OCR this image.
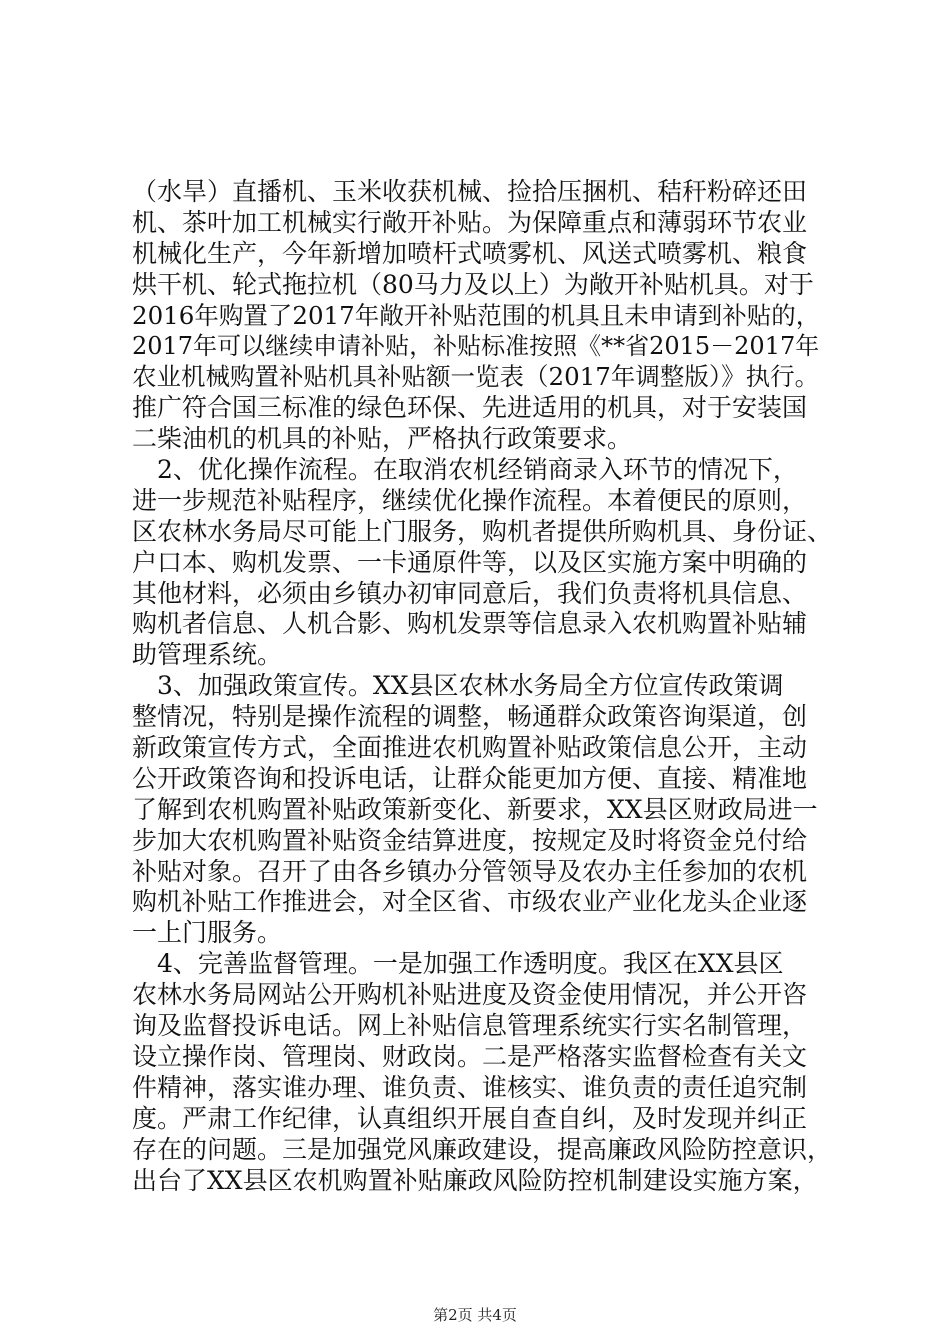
（水旱）直播机、玉米收获机械、捡拾压捆机、秸秆粉碎还田
机、茶叶加工机械实行敞开补贴。为保障重点和薄弱环节农业
机械化生产，今年新增加喷杆式喷雾机、风送式喷雾机、粮食
烘干机、轮式拖拉机（80马力及以上）为敞开补贴机具。对于
2016年购置了2017年敞开补贴范围的机具且未申请到补贴的，
2017年可以继续申请补贴，补贴标准按照《**省2015－2017年
农业机械购置补贴机具补贴额一览表（2017年调整版）》执行。
推广符合国三标准的绿色环保、先进适用的机具，对于安装国
二柴油机的机具的补贴，严格执行政策要求。
　2、优化操作流程。在取消农机经销商录入环节的情况下，
进一步规范补贴程序，继续优化操作流程。本着便民的原则，
区农林水务局尽可能上门服务，购机者提供所购机具、身份证、
户口本、购机发票、一卡通原件等，以及区实施方案中明确的
其他材料，必须由乡镇办初审同意后，我们负责将机具信息、
购机者信息、人机合影、购机发票等信息录入农机购置补贴辅
助管理系统。
　3、加强政策宣传。XX县区农林水务局全方位宣传政策调
整情况，特别是操作流程的调整，畅通群众政策咨询渠道，创
新政策宣传方式，全面推进农机购置补贴政策信息公开，主动
公开政策咨询和投诉电话，让群众能更加方便、直接、精准地
了解到农机购置补贴政策新变化、新要求，XX县区财政局进一
步加大农机购置补贴资金结算进度，按规定及时将资金兑付给
补贴对象。召开了由各乡镇办分管领导及农办主任参加的农机
购机补贴工作推进会，对全区省、市级农业产业化龙头企业逐
一上门服务。
　4、完善监督管理。一是加强工作透明度。我区在XX县区
农林水务局网站公开购机补贴进度及资金使用情况，并公开咨
询及监督投诉电话。网上补贴信息管理系统实行实名制管理，
设立操作岗、管理岗、财政岗。二是严格落实监督检查有关文
件精神，落实谁办理、谁负责、谁核实、谁负责的责任追究制
度。严肃工作纪律，认真组织开展自查自纠，及时发现并纠正
存在的问题。三是加强党风廉政建设，提高廉政风险防控意识，
出台了XX县区农机购置补贴廉政风险防控机制建设实施方案，
第2页 共4页
